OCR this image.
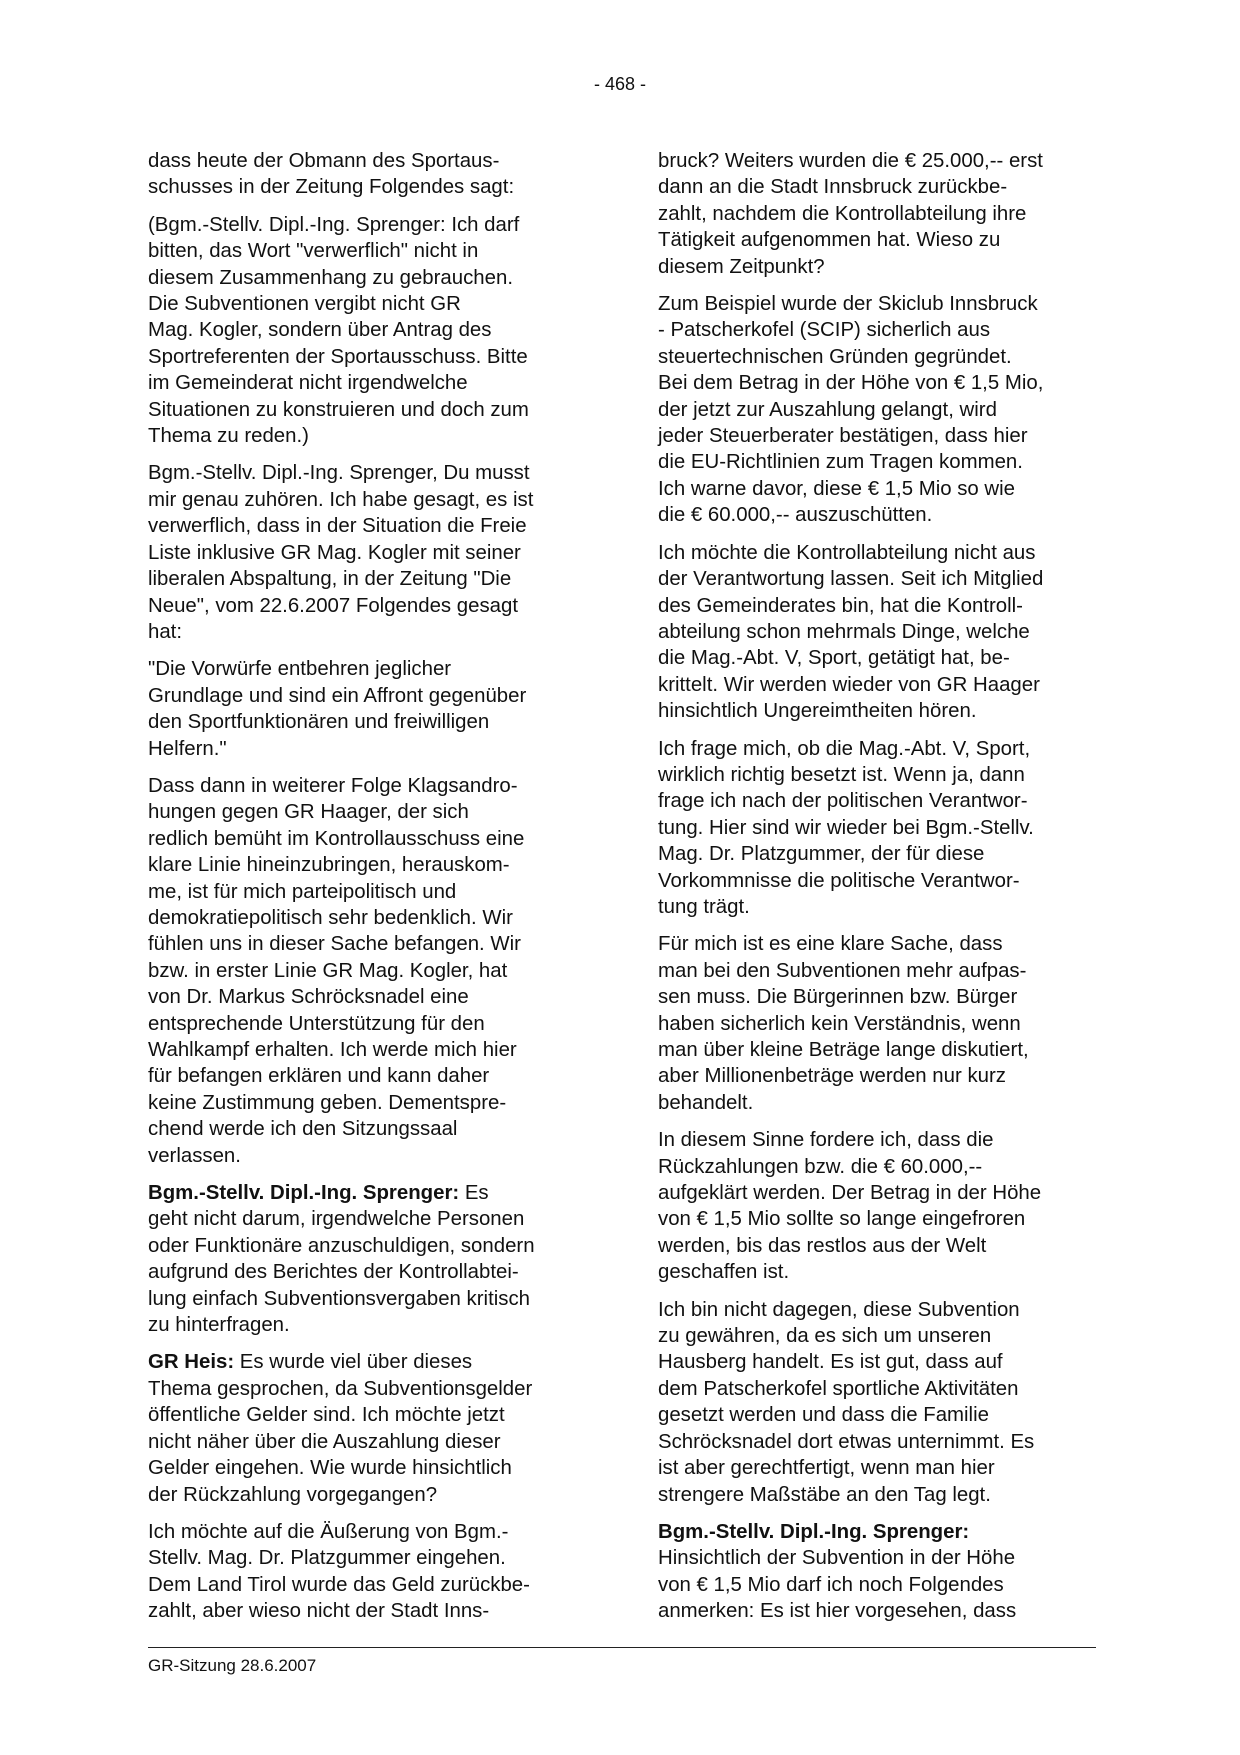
- 468 -

dass heute der Obmann des Sportaus-
schusses in der Zeitung Folgendes sagt:

(Bgm.-Stellv. Dipl.-Ing. Sprenger: Ich darf
bitten, das Wort "verwerflich" nicht in
diesem Zusammenhang zu gebrauchen.
Die Subventionen vergibt nicht GR
Mag. Kogler, sondern über Antrag des
Sportreferenten der Sportausschuss. Bitte
im Gemeinderat nicht irgendwelche
Situationen zu konstruieren und doch zum
Thema zu reden.)

Bgm.-Stellv. Dipl.-Ing. Sprenger, Du musst
mir genau zuhören. Ich habe gesagt, es ist
verwerflich, dass in der Situation die Freie
Liste inklusive GR Mag. Kogler mit seiner
liberalen Abspaltung, in der Zeitung "Die
Neue", vom 22.6.2007 Folgendes gesagt
hat:

"Die Vorwürfe entbehren jeglicher
Grundlage und sind ein Affront gegenüber
den Sportfunktionären und freiwilligen
Helfern."

Dass dann in weiterer Folge Klagsandro-
hungen gegen GR Haager, der sich
redlich bemüht im Kontrollausschuss eine
klare Linie hineinzubringen, herauskom-
me, ist für mich parteipolitisch und
demokratiepolitisch sehr bedenklich. Wir
fühlen uns in dieser Sache befangen. Wir
bzw. in erster Linie GR Mag. Kogler, hat
von Dr. Markus Schröcksnadel eine
entsprechende Unterstützung für den
Wahlkampf erhalten. Ich werde mich hier
für befangen erklären und kann daher
keine Zustimmung geben. Dementspre-
chend werde ich den Sitzungssaal
verlassen.

Bgm.-Stellv. Dipl.-Ing. Sprenger: Es
geht nicht darum, irgendwelche Personen
oder Funktionäre anzuschuldigen, sondern
aufgrund des Berichtes der Kontrollabtei-
lung einfach Subventionsvergaben kritisch
zu hinterfragen.

GR Heis: Es wurde viel über dieses
Thema gesprochen, da Subventionsgelder
öffentliche Gelder sind. Ich möchte jetzt
nicht näher über die Auszahlung dieser
Gelder eingehen. Wie wurde hinsichtlich
der Rückzahlung vorgegangen?

Ich möchte auf die Äußerung von Bgm.-
Stellv. Mag. Dr. Platzgummer eingehen.
Dem Land Tirol wurde das Geld zurückbe-
zahlt, aber wieso nicht der Stadt Inns-

bruck? Weiters wurden die € 25.000,-- erst
dann an die Stadt Innsbruck zurückbe-
zahlt, nachdem die Kontrollabteilung ihre
Tätigkeit aufgenommen hat. Wieso zu
diesem Zeitpunkt?

Zum Beispiel wurde der Skiclub Innsbruck
- Patscherkofel (SCIP) sicherlich aus
steuertechnischen Gründen gegründet.
Bei dem Betrag in der Höhe von € 1,5 Mio,
der jetzt zur Auszahlung gelangt, wird
jeder Steuerberater bestätigen, dass hier
die EU-Richtlinien zum Tragen kommen.
Ich warne davor, diese € 1,5 Mio so wie
die € 60.000,-- auszuschütten.

Ich möchte die Kontrollabteilung nicht aus
der Verantwortung lassen. Seit ich Mitglied
des Gemeinderates bin, hat die Kontroll-
abteilung schon mehrmals Dinge, welche
die Mag.-Abt. V, Sport, getätigt hat, be-
krittelt. Wir werden wieder von GR Haager
hinsichtlich Ungereimtheiten hören.

Ich frage mich, ob die Mag.-Abt. V, Sport,
wirklich richtig besetzt ist. Wenn ja, dann
frage ich nach der politischen Verantwor-
tung. Hier sind wir wieder bei Bgm.-Stellv.
Mag. Dr. Platzgummer, der für diese
Vorkommnisse die politische Verantwor-
tung trägt.

Für mich ist es eine klare Sache, dass
man bei den Subventionen mehr aufpas-
sen muss. Die Bürgerinnen bzw. Bürger
haben sicherlich kein Verständnis, wenn
man über kleine Beträge lange diskutiert,
aber Millionenbeträge werden nur kurz
behandelt.

In diesem Sinne fordere ich, dass die
Rückzahlungen bzw. die € 60.000,--
aufgeklärt werden. Der Betrag in der Höhe
von € 1,5 Mio sollte so lange eingefroren
werden, bis das restlos aus der Welt
geschaffen ist.

Ich bin nicht dagegen, diese Subvention
zu gewähren, da es sich um unseren
Hausberg handelt. Es ist gut, dass auf
dem Patscherkofel sportliche Aktivitäten
gesetzt werden und dass die Familie
Schröcksnadel dort etwas unternimmt. Es
ist aber gerechtfertigt, wenn man hier
strengere Maßstäbe an den Tag legt.

Bgm.-Stellv. Dipl.-Ing. Sprenger:
Hinsichtlich der Subvention in der Höhe
von € 1,5 Mio darf ich noch Folgendes
anmerken: Es ist hier vorgesehen, dass

GR-Sitzung 28.6.2007
